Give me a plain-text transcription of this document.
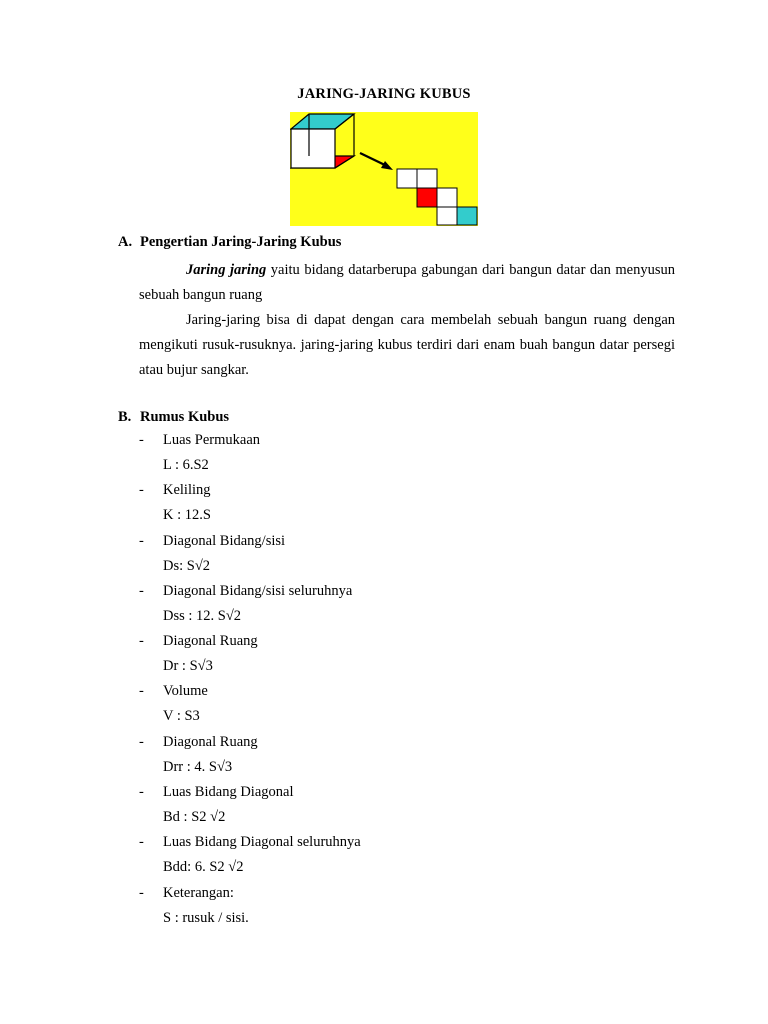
JARING-JARING KUBUS
A. Pengertian Jaring-Jaring Kubus
Jaring jaring yaitu bidang datarberupa gabungan dari bangun datar dan menyusun sebuah bangun ruang
Jaring-jaring bisa di dapat dengan cara membelah sebuah bangun ruang dengan mengikuti rusuk-rusuknya. jaring-jaring kubus terdiri dari enam buah bangun datar persegi atau bujur sangkar.
B. Rumus Kubus
- Luas Permukaan
L : 6.S2
- Keliling
K : 12.S
- Diagonal Bidang/sisi
Ds: S√2
- Diagonal Bidang/sisi seluruhnya
Dss : 12. S√2
- Diagonal Ruang
Dr : S√3
- Volume
V : S3
- Diagonal Ruang
Drr : 4. S√3
- Luas Bidang Diagonal
Bd : S2 √2
- Luas Bidang Diagonal seluruhnya
Bdd: 6. S2 √2
- Keterangan:
S : rusuk / sisi.
